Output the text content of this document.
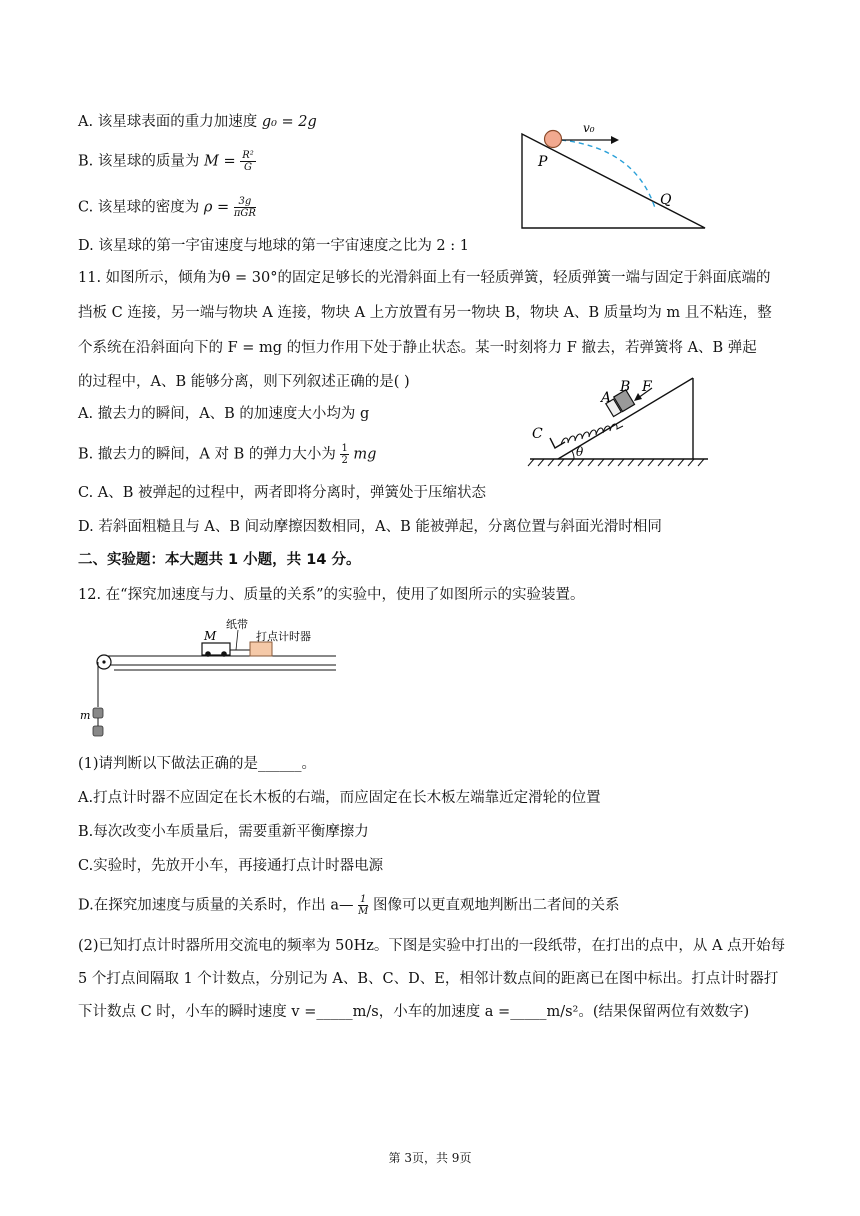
A. 该星球表面的重力加速度 g₀ = 2g
B. 该星球的质量为 $M = \frac{\text{R²}}{G}$
C. 该星球的密度为 ρ = 3g
πGR
D. 该星球的第一宇宙速度与地球的第一宇宙速度之比为 2 : 1
P
Q
v₀
11. 如图所示，倾角为θ = 30°的固定足够长的光滑斜面上有一轻质弹簧，轻质弹簧一端与固定于斜面底端的
挡板 C 连接，另一端与物块 A 连接，物块 A 上方放置有另一物块 B，物块 A、B 质量均为 m 且不粘连，整
个系统在沿斜面向下的 F = mg 的恒力作用下处于静止状态。某一时刻将力 F 撤去，若弹簧将 A、B 弹起
的过程中，A、B 能够分离，则下列叙述正确的是( )
A. 撤去力的瞬间，A、B 的加速度大小均为 g
B. 撤去力的瞬间，A 对 B 的弹力大小为 $\frac{1}{2}$ mg
C. A、B 被弹起的过程中，两者即将分离时，弹簧处于压缩状态
D. 若斜面粗糙且与 A、B 间动摩擦因数相同，A、B 能被弹起，分离位置与斜面光滑时相同
A
B F
C
θ
二、实验题：本大题共 1 小题，共 14 分。
12. 在“探究加速度与力、质量的关系”的实验中，使用了如图所示的实验装置。
纸带
M	打点计时器
m
(1)请判断以下做法正确的是______。
A.打点计时器不应固定在长木板的右端，而应固定在长木板左端靠近定滑轮的位置
B.每次改变小车质量后，需要重新平衡摩擦力
C.实验时，先放开小车，再接通打点计时器电源
D.在探究加速度与质量的关系时，作出 a— $\frac{1}{M}$ 图像可以更直观地判断出二者间的关系
(2)已知打点计时器所用交流电的频率为 50Hz。下图是实验中打出的一段纸带，在打出的点中，从 A 点开始每 5 个打点间隔取 1 个计数点，分别记为 A、B、C、D、E，相邻计数点间的距离已在图中标出。打点计时器打下计数点 C 时，小车的瞬时速度 v =_____m/s，小车的加速度 a =_____m/s²。(结果保留两位有效数字)
第 3页，共 9页
